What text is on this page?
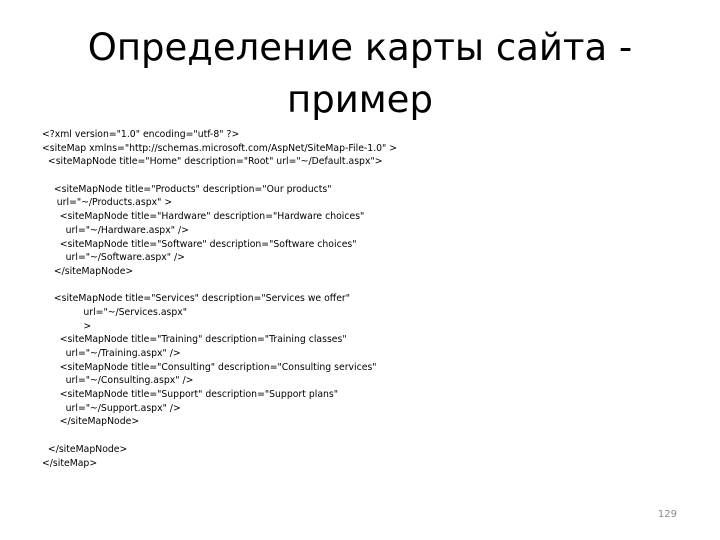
Определение карты сайта -
пример
<?xml version="1.0" encoding="utf-8" ?>
<siteMap xmlns="http://schemas.microsoft.com/AspNet/SiteMap-File-1.0" >
<siteMapNode title="Home" description="Root" url="~/Default.aspx">
<siteMapNode title="Products" description="Our products"
url="~/Products.aspx" >
<siteMapNode title="Hardware" description="Hardware choices"
url="~/Hardware.aspx" />
<siteMapNode title="Software" description="Software choices"
url="~/Software.aspx" />
</siteMapNode>
<siteMapNode title="Services" description="Services we offer"
url="~/Services.aspx"
>
<siteMapNode title="Training" description="Training classes"
url="~/Training.aspx" />
<siteMapNode title="Consulting" description="Consulting services"
url="~/Consulting.aspx" />
<siteMapNode title="Support" description="Support plans"
url="~/Support.aspx" />
</siteMapNode>
</siteMapNode>
</siteMap>
129
